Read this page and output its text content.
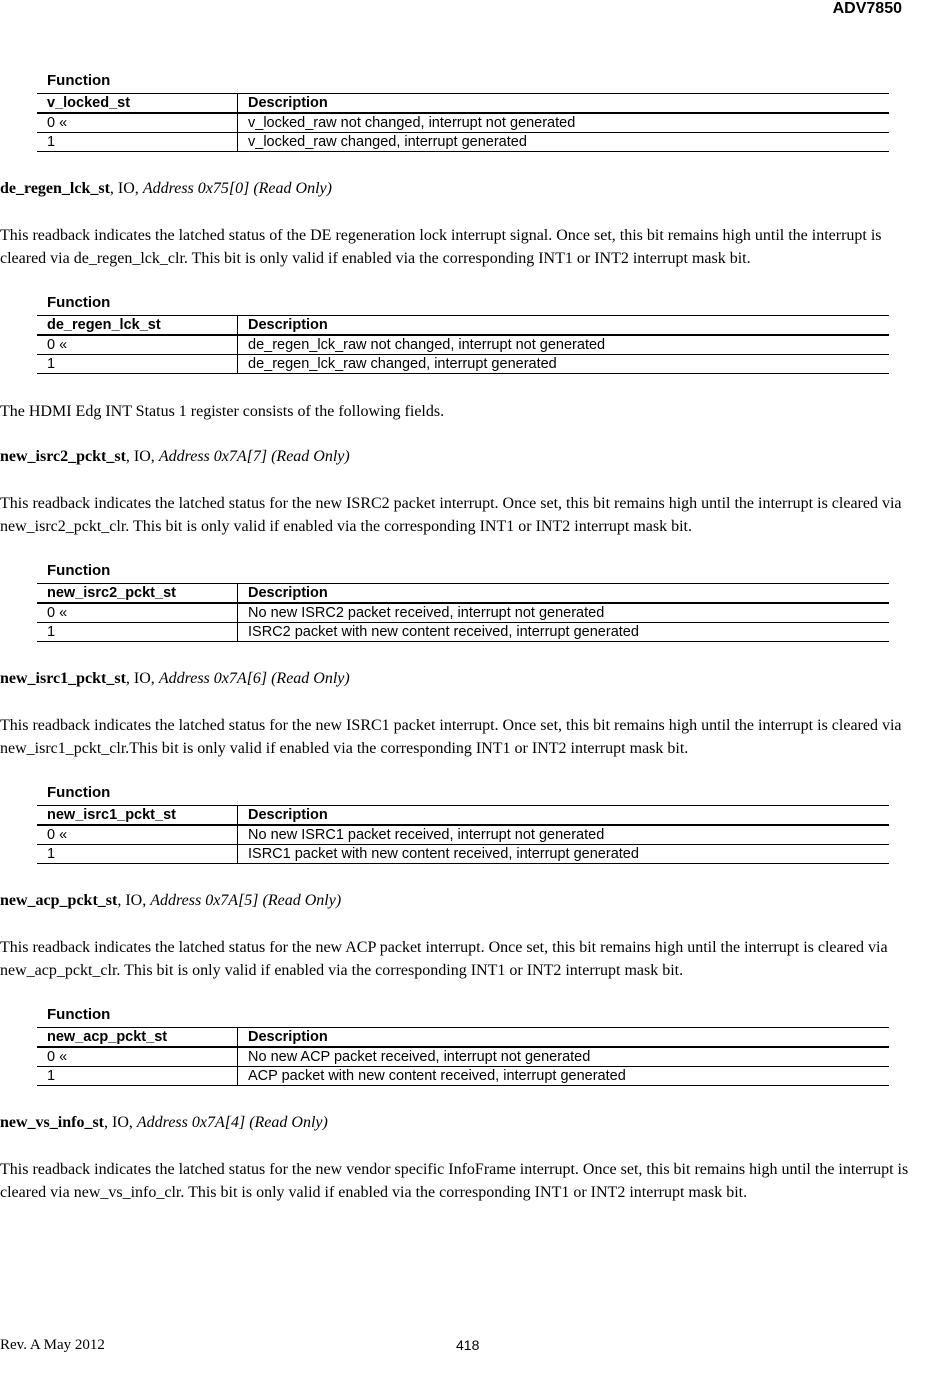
ADV7850
Function
v_locked_st	Description
0 «	v_locked_raw not changed, interrupt not generated
1	v_locked_raw changed, interrupt generated
de_regen_lck_st, IO, Address 0x75[0] (Read Only)
This readback indicates the latched status of the DE regeneration lock interrupt signal. Once set, this bit remains high until the interrupt is cleared via de_regen_lck_clr. This bit is only valid if enabled via the corresponding INT1 or INT2 interrupt mask bit.
Function
de_regen_lck_st	Description
0 «	de_regen_lck_raw not changed, interrupt not generated
1	de_regen_lck_raw changed, interrupt generated
The HDMI Edg INT Status 1 register consists of the following fields.
new_isrc2_pckt_st, IO, Address 0x7A[7] (Read Only)
This readback indicates the latched status for the new ISRC2 packet interrupt. Once set, this bit remains high until the interrupt is cleared via new_isrc2_pckt_clr. This bit is only valid if enabled via the corresponding INT1 or INT2 interrupt mask bit.
Function
new_isrc2_pckt_st	Description
0 «	No new ISRC2 packet received, interrupt not generated
1	ISRC2 packet with new content received, interrupt generated
new_isrc1_pckt_st, IO, Address 0x7A[6] (Read Only)
This readback indicates the latched status for the new ISRC1 packet interrupt. Once set, this bit remains high until the interrupt is cleared via new_isrc1_pckt_clr.This bit is only valid if enabled via the corresponding INT1 or INT2 interrupt mask bit.
Function
new_isrc1_pckt_st	Description
0 «	No new ISRC1 packet received, interrupt not generated
1	ISRC1 packet with new content received, interrupt generated
new_acp_pckt_st, IO, Address 0x7A[5] (Read Only)
This readback indicates the latched status for the new ACP packet interrupt. Once set, this bit remains high until the interrupt is cleared via new_acp_pckt_clr. This bit is only valid if enabled via the corresponding INT1 or INT2 interrupt mask bit.
Function
new_acp_pckt_st	Description
0 «	No new ACP packet received, interrupt not generated
1	ACP packet with new content received, interrupt generated
new_vs_info_st, IO, Address 0x7A[4] (Read Only)
This readback indicates the latched status for the new vendor specific InfoFrame interrupt. Once set, this bit remains high until the interrupt is cleared via new_vs_info_clr. This bit is only valid if enabled via the corresponding INT1 or INT2 interrupt mask bit.
Rev. A May 2012	418
